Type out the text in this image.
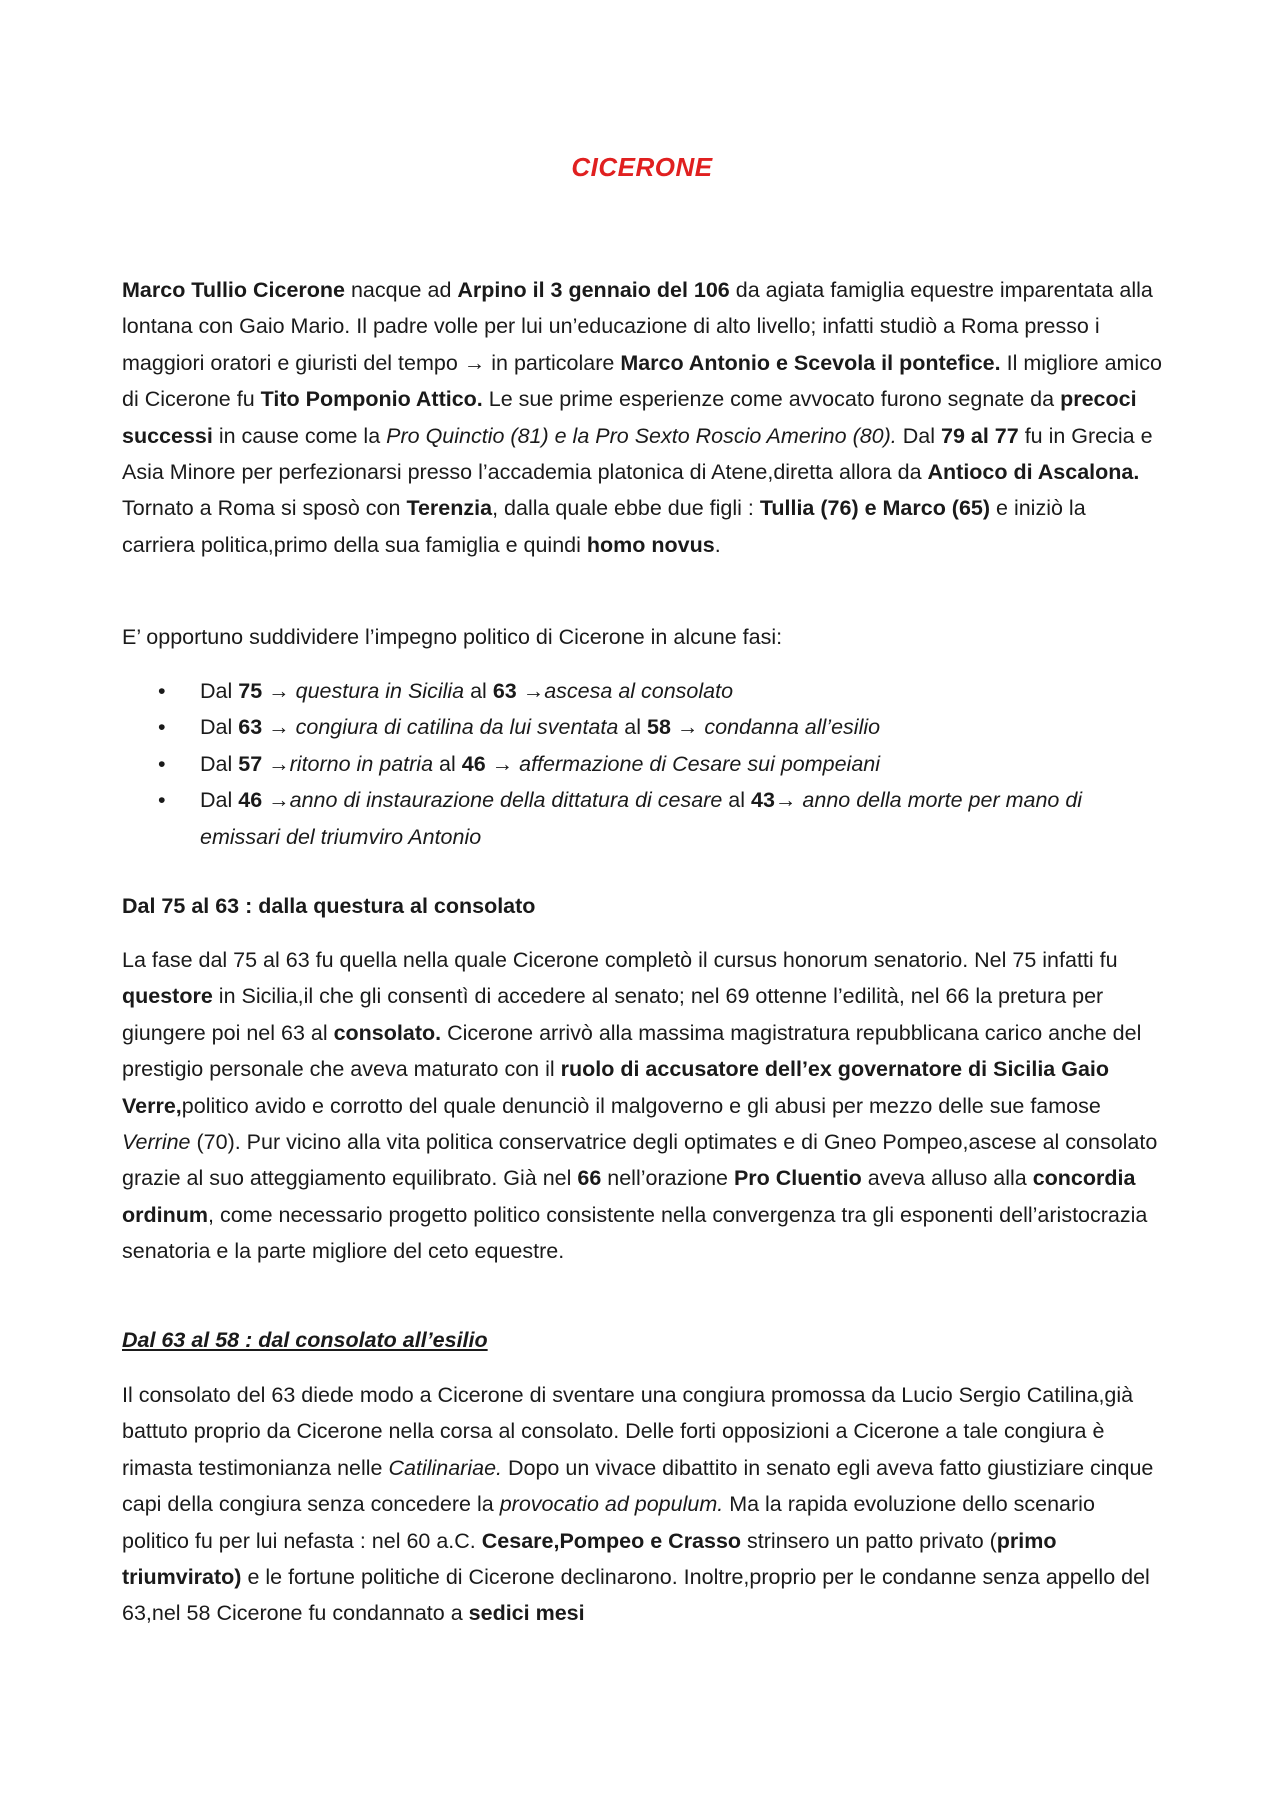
CICERONE

Marco Tullio Cicerone nacque ad Arpino il 3 gennaio del 106 da agiata famiglia equestre imparentata alla lontana con Gaio Mario. Il padre volle per lui un’educazione di alto livello; infatti studiò a Roma presso i maggiori oratori e giuristi del tempo → in particolare Marco Antonio e Scevola il pontefice. Il migliore amico di Cicerone fu Tito Pomponio Attico. Le sue prime esperienze come avvocato furono segnate da precoci successi in cause come la Pro Quinctio (81) e la Pro Sexto Roscio Amerino (80). Dal 79 al 77 fu in Grecia e Asia Minore per perfezionarsi presso l’accademia platonica di Atene,diretta allora da Antioco di Ascalona. Tornato a Roma si sposò con Terenzia, dalla quale ebbe due figli : Tullia (76) e Marco (65) e iniziò la carriera politica,primo della sua famiglia e quindi homo novus.

E’ opportuno suddividere l’impegno politico di Cicerone in alcune fasi:

• Dal 75 → questura in Sicilia al 63 →ascesa al consolato
• Dal 63 → congiura di catilina da lui sventata al 58 → condanna all’esilio
• Dal 57 →ritorno in patria al 46 → affermazione di Cesare sui pompeiani
• Dal 46 →anno di instaurazione della dittatura di cesare al 43→ anno della morte per mano di emissari del triumviro Antonio

Dal 75 al 63 : dalla questura al consolato

La fase dal 75 al 63 fu quella nella quale Cicerone completò il cursus honorum senatorio. Nel 75 infatti fu questore in Sicilia,il che gli consentì di accedere al senato; nel 69 ottenne l’edilità, nel 66 la pretura per giungere poi nel 63 al consolato. Cicerone arrivò alla massima magistratura repubblicana carico anche del prestigio personale che aveva maturato con il ruolo di accusatore dell’ex governatore di Sicilia Gaio Verre,politico avido e corrotto del quale denunciò il malgoverno e gli abusi per mezzo delle sue famose Verrine (70). Pur vicino alla vita politica conservatrice degli optimates e di Gneo Pompeo,ascese al consolato grazie al suo atteggiamento equilibrato. Già nel 66 nell’orazione Pro Cluentio aveva alluso alla concordia ordinum, come necessario progetto politico consistente nella convergenza tra gli esponenti dell’aristocrazia senatoria e la parte migliore del ceto equestre.

Dal 63 al 58 : dal consolato all’esilio

Il consolato del 63 diede modo a Cicerone di sventare una congiura promossa da Lucio Sergio Catilina,già battuto proprio da Cicerone nella corsa al consolato. Delle forti opposizioni a Cicerone a tale congiura è rimasta testimonianza nelle Catilinariae. Dopo un vivace dibattito in senato egli aveva fatto giustiziare cinque capi della congiura senza concedere la provocatio ad populum. Ma la rapida evoluzione dello scenario politico fu per lui nefasta : nel 60 a.C. Cesare,Pompeo e Crasso strinsero un patto privato (primo triumvirato) e le fortune politiche di Cicerone declinarono. Inoltre,proprio per le condanne senza appello del 63,nel 58 Cicerone fu condannato a sedici mesi
